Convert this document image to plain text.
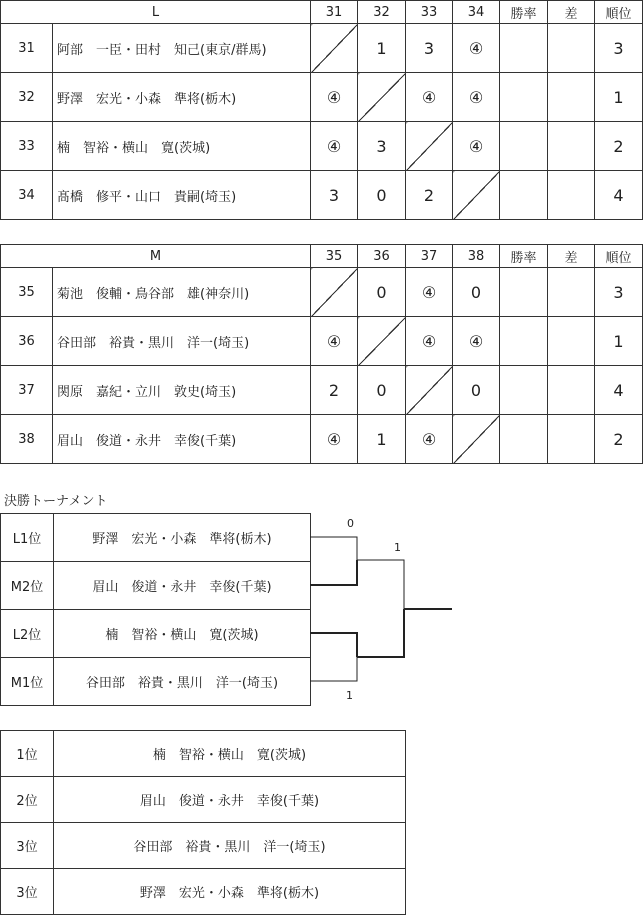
L		31	32	33	34	勝率	差	順位
31	阿部　一臣・田村　知己(東京/群馬)		1	3	④			3
32	野澤　宏光・小森　準将(栃木)	④		④	④			1
33	楠　智裕・横山　寛(茨城)	④	3		④			2
34	髙橋　修平・山口　貴嗣(埼玉)	3	0	2				4
M		35	36	37	38	勝率	差	順位
35	菊池　俊輔・鳥谷部　雄(神奈川)		0	④	0			3
36	谷田部　裕貴・黒川　洋一(埼玉)	④		④	④			1
37	関原　嘉紀・立川　敦史(埼玉)	2	0		0			4
38	眉山　俊道・永井　幸俊(千葉)	④	1	④				2
決勝トーナメント
L1位	野澤　宏光・小森　準将(栃木)
M2位	眉山　俊道・永井　幸俊(千葉)
L2位	楠　智裕・横山　寛(茨城)
M1位	谷田部　裕貴・黒川　洋一(埼玉)
0
1
1
1位	楠　智裕・横山　寛(茨城)
2位	眉山　俊道・永井　幸俊(千葉)
3位	谷田部　裕貴・黒川　洋一(埼玉)
3位	野澤　宏光・小森　準将(栃木)
